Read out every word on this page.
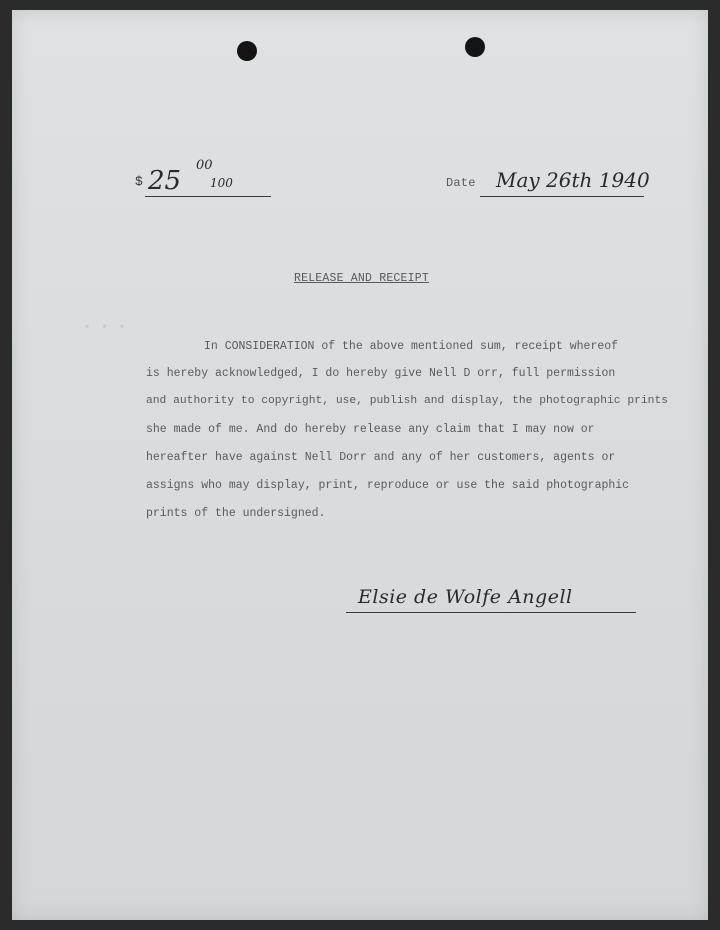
· · ·
$ 25
00
100	Date May 26th 1940
RELEASE AND RECEIPT
In CONSIDERATION of the above mentioned sum, receipt whereof
is hereby acknowledged, I do hereby give Nell D orr, full permission
and authority to copyright, use, publish and display, the photographic prints
she made of me. And do hereby release any claim that I may now or
hereafter have against Nell Dorr and any of her customers, agents or
assigns who may display, print, reproduce or use the said photographic
prints of the undersigned.
Elsie de Wolfe Angell
